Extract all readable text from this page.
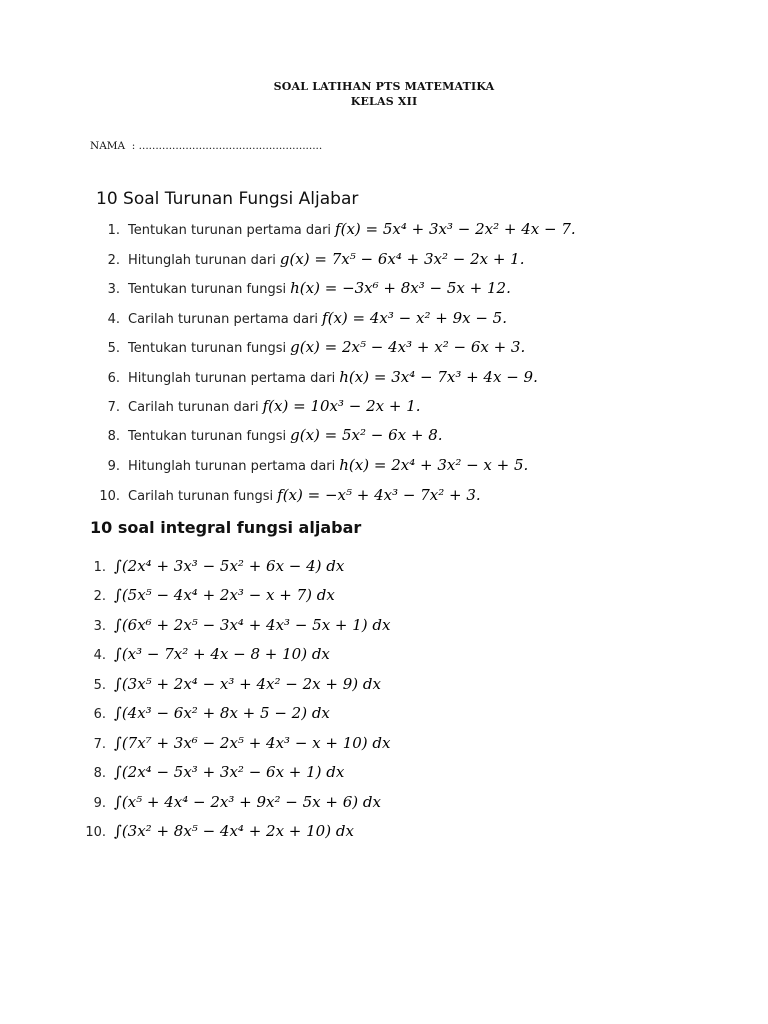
SOAL LATIHAN PTS MATEMATIKA
KELAS XII
NAMA  : .......................................................
10 Soal Turunan Fungsi Aljabar
1. Tentukan turunan pertama dari f(x) = 5x⁴ + 3x³ − 2x² + 4x − 7.
2. Hitunglah turunan dari g(x) = 7x⁵ − 6x⁴ + 3x² − 2x + 1.
3. Tentukan turunan fungsi h(x) = −3x⁶ + 8x³ − 5x + 12.
4. Carilah turunan pertama dari f(x) = 4x³ − x² + 9x − 5.
5. Tentukan turunan fungsi g(x) = 2x⁵ − 4x³ + x² − 6x + 3.
6. Hitunglah turunan pertama dari h(x) = 3x⁴ − 7x³ + 4x − 9.
7. Carilah turunan dari f(x) = 10x³ − 2x + 1.
8. Tentukan turunan fungsi g(x) = 5x² − 6x + 8.
9. Hitunglah turunan pertama dari h(x) = 2x⁴ + 3x² − x + 5.
10. Carilah turunan fungsi f(x) = −x⁵ + 4x³ − 7x² + 3.
10 soal integral fungsi aljabar
1. ∫(2x⁴ + 3x³ − 5x² + 6x − 4) dx
2. ∫(5x⁵ − 4x⁴ + 2x³ − x + 7) dx
3. ∫(6x⁶ + 2x⁵ − 3x⁴ + 4x³ − 5x + 1) dx
4. ∫(x³ − 7x² + 4x − 8 + 10) dx
5. ∫(3x⁵ + 2x⁴ − x³ + 4x² − 2x + 9) dx
6. ∫(4x³ − 6x² + 8x + 5 − 2) dx
7. ∫(7x⁷ + 3x⁶ − 2x⁵ + 4x³ − x + 10) dx
8. ∫(2x⁴ − 5x³ + 3x² − 6x + 1) dx
9. ∫(x⁵ + 4x⁴ − 2x³ + 9x² − 5x + 6) dx
10. ∫(3x² + 8x⁵ − 4x⁴ + 2x + 10) dx
